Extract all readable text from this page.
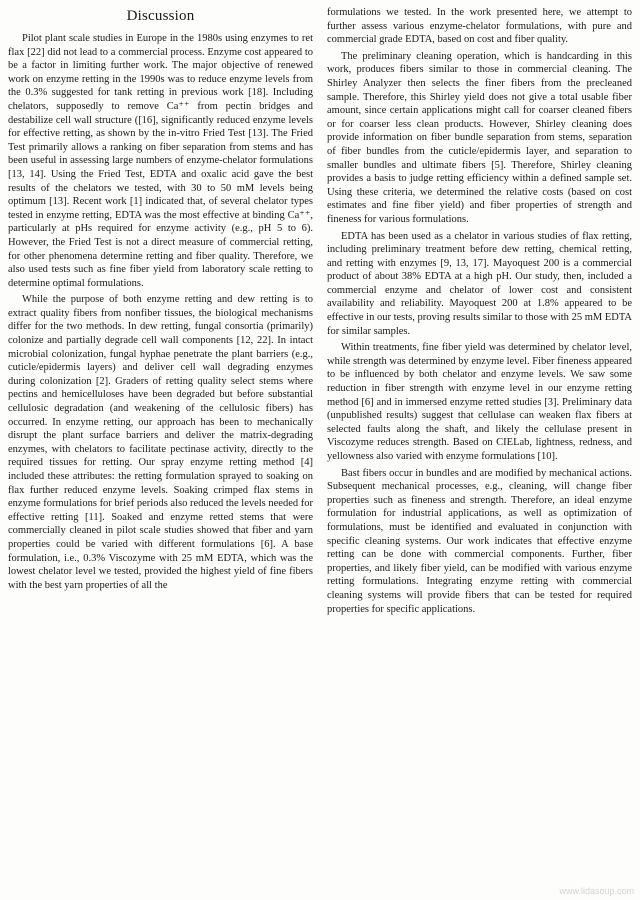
Discussion

Pilot plant scale studies in Europe in the 1980s using enzymes to ret flax [22] did not lead to a commercial process. Enzyme cost appeared to be a factor in limiting further work. The major objective of renewed work on enzyme retting in the 1990s was to reduce enzyme levels from the 0.3% suggested for tank retting in previous work [18]. Including chelators, supposedly to remove Ca⁺⁺ from pectin bridges and destabilize cell wall structure ([16], significantly reduced enzyme levels for effective retting, as shown by the in-vitro Fried Test [13]. The Fried Test primarily allows a ranking on fiber separation from stems and has been useful in assessing large numbers of enzyme-chelator formulations [13, 14]. Using the Fried Test, EDTA and oxalic acid gave the best results of the chelators we tested, with 30 to 50 mM levels being optimum [13]. Recent work [1] indicated that, of several chelator types tested in enzyme retting, EDTA was the most effective at binding Ca⁺⁺, particularly at pHs required for enzyme activity (e.g., pH 5 to 6). However, the Fried Test is not a direct measure of commercial retting, for other phenomena determine retting and fiber quality. Therefore, we also used tests such as fine fiber yield from laboratory scale retting to determine optimal formulations.

While the purpose of both enzyme retting and dew retting is to extract quality fibers from nonfiber tissues, the biological mechanisms differ for the two methods. In dew retting, fungal consortia (primarily) colonize and partially degrade cell wall components [12, 22]. In intact microbial colonization, fungal hyphae penetrate the plant barriers (e.g., cuticle/epidermis layers) and deliver cell wall degrading enzymes during colonization [2]. Graders of retting quality select stems where pectins and hemicelluloses have been degraded but before substantial cellulosic degradation (and weakening of the cellulosic fibers) has occurred. In enzyme retting, our approach has been to mechanically disrupt the plant surface barriers and deliver the matrix-degrading enzymes, with chelators to facilitate pectinase activity, directly to the required tissues for retting. Our spray enzyme retting method [4] included these attributes: the retting formulation sprayed to soaking on flax further reduced enzyme levels. Soaking crimped flax stems in enzyme formulations for brief periods also reduced the levels needed for effective retting [11]. Soaked and enzyme retted stems that were commercially cleaned in pilot scale studies showed that fiber and yarn properties could be varied with different formulations [6]. A base formulation, i.e., 0.3% Viscozyme with 25 mM EDTA, which was the lowest chelator level we tested, provided the highest yield of fine fibers with the best yarn properties of all the

formulations we tested. In the work presented here, we attempt to further assess various enzyme-chelator formulations, with pure and commercial grade EDTA, based on cost and fiber quality.

The preliminary cleaning operation, which is handcarding in this work, produces fibers similar to those in commercial cleaning. The Shirley Analyzer then selects the finer fibers from the precleaned sample. Therefore, this Shirley yield does not give a total usable fiber amount, since certain applications might call for coarser cleaned fibers or for coarser less clean products. However, Shirley cleaning does provide information on fiber bundle separation from stems, separation of fiber bundles from the cuticle/epidermis layer, and separation to smaller bundles and ultimate fibers [5]. Therefore, Shirley cleaning provides a basis to judge retting efficiency within a defined sample set. Using these criteria, we determined the relative costs (based on cost estimates and fine fiber yield) and fiber properties of strength and fineness for various formulations.

EDTA has been used as a chelator in various studies of flax retting, including preliminary treatment before dew retting, chemical retting, and retting with enzymes [9, 13, 17]. Mayoquest 200 is a commercial product of about 38% EDTA at a high pH. Our study, then, included a commercial enzyme and chelator of lower cost and consistent availability and reliability. Mayoquest 200 at 1.8% appeared to be effective in our tests, proving results similar to those with 25 mM EDTA for similar samples.

Within treatments, fine fiber yield was determined by chelator level, while strength was determined by enzyme level. Fiber fineness appeared to be influenced by both chelator and enzyme levels. We saw some reduction in fiber strength with enzyme level in our enzyme retting method [6] and in immersed enzyme retted studies [3]. Preliminary data (unpublished results) suggest that cellulase can weaken flax fibers at selected faults along the shaft, and likely the cellulase present in Viscozyme reduces strength. Based on CIELab, lightness, redness, and yellowness also varied with enzyme formulations [10].

Bast fibers occur in bundles and are modified by mechanical actions. Subsequent mechanical processes, e.g., cleaning, will change fiber properties such as fineness and strength. Therefore, an ideal enzyme formulation for industrial applications, as well as optimization of formulations, must be identified and evaluated in conjunction with specific cleaning systems. Our work indicates that effective enzyme retting can be done with commercial components. Further, fiber properties, and likely fiber yield, can be modified with various enzyme retting formulations. Integrating enzyme retting with commercial cleaning systems will provide fibers that can be tested for required properties for specific applications.

www.lidasoup.com
